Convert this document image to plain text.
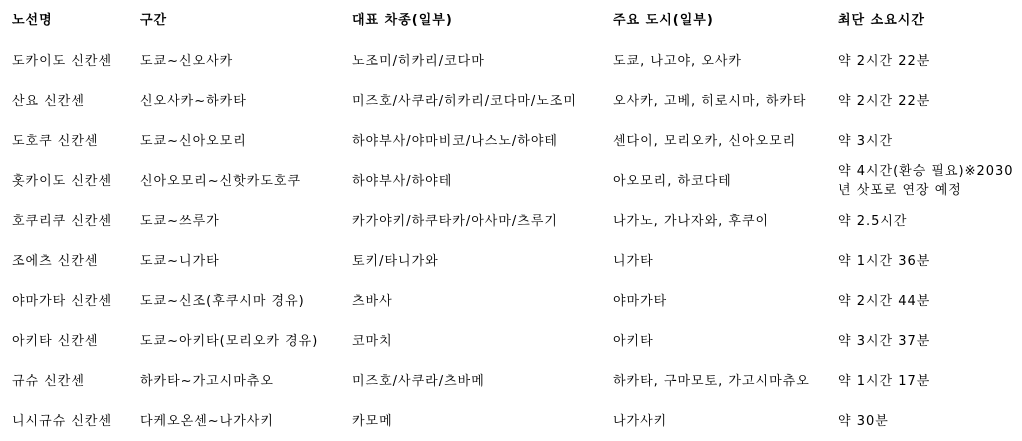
노선명	구간	대표 차종(일부)	주요 도시(일부)	최단 소요시간
도카이도 신칸센	도쿄~신오사카	노조미/히카리/코다마	도쿄, 나고야, 오사카	약 2시간 22분
산요 신칸센	신오사카~하카타	미즈호/사쿠라/히카리/코다마/노조미	오사카, 고베, 히로시마, 하카타	약 2시간 22분
도호쿠 신칸센	도쿄~신아오모리	하야부사/야마비코/나스노/하야테	센다이, 모리오카, 신아오모리	약 3시간
홋카이도 신칸센	신아오모리~신핫카도호쿠	하야부사/하야테	아오모리, 하코다테	약 4시간(환승 필요)※2030년 삿포로 연장 예정
호쿠리쿠 신칸센	도쿄~쓰루가	카가야키/하쿠타카/아사마/츠루기	나가노, 가나자와, 후쿠이	약 2.5시간
조에츠 신칸센	도쿄~니가타	토키/타니가와	니가타	약 1시간 36분
야마가타 신칸센	도쿄~신조(후쿠시마 경유)	츠바사	야마가타	약 2시간 44분
아키타 신칸센	도쿄~아키타(모리오카 경유)	코마치	아키타	약 3시간 37분
규슈 신칸센	하카타~가고시마츄오	미즈호/사쿠라/츠바메	하카타, 구마모토, 가고시마츄오	약 1시간 17분
니시규슈 신칸센	다케오온센~나가사키	카모메	나가사키	약 30분
